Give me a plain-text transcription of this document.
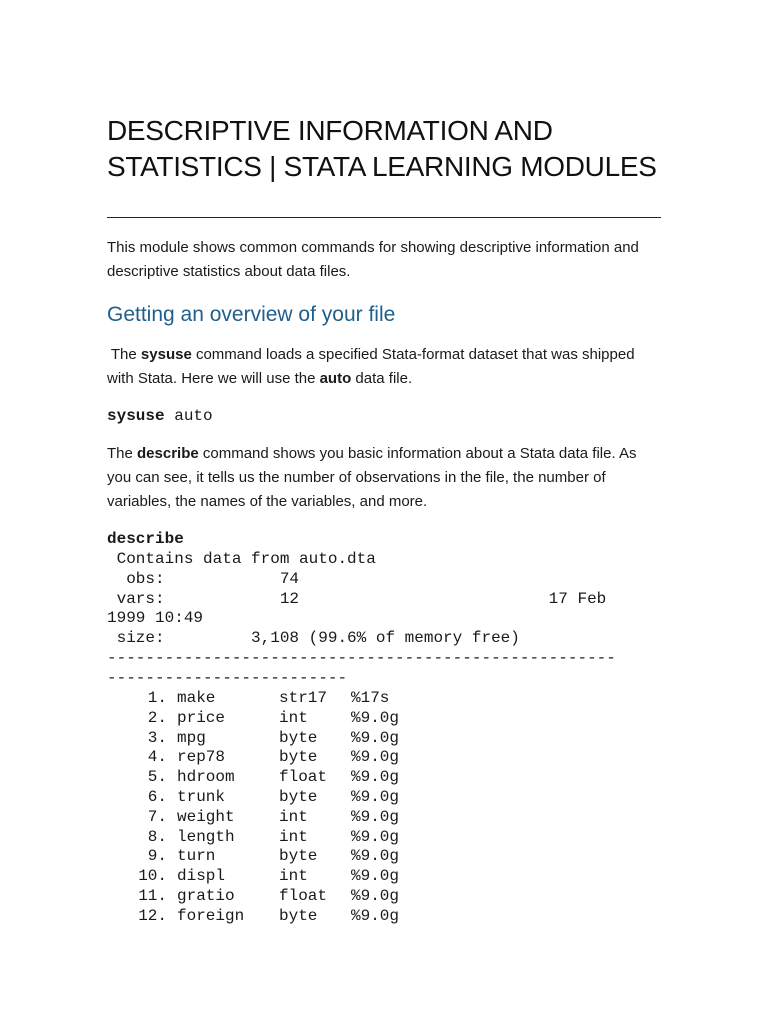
DESCRIPTIVE INFORMATION AND STATISTICS | STATA LEARNING MODULES

This module shows common commands for showing descriptive information and descriptive statistics about data files.

Getting an overview of your file

The sysuse command loads a specified Stata-format dataset that was shipped with Stata. Here we will use the auto data file.

sysuse auto

The describe command shows you basic information about a Stata data file. As you can see, it tells us the number of observations in the file, the number of variables, the names of the variables, and more.

describe
Contains data from auto.dta
obs:            74
vars:            12                          17 Feb
1999 10:49
size:         3,108 (99.6% of memory free)
-----------------------------------------------------
-------------------------
1. make	str17 %17s
2. price	int	%9.0g
3. mpg	byte %9.0g
4. rep78	byte %9.0g
5. hdroom	float %9.0g
6. trunk	byte %9.0g
7. weight	int	%9.0g
8. length	int	%9.0g
9. turn	byte %9.0g
10. displ	int	%9.0g
11. gratio	float %9.0g
12. foreign byte %9.0g
